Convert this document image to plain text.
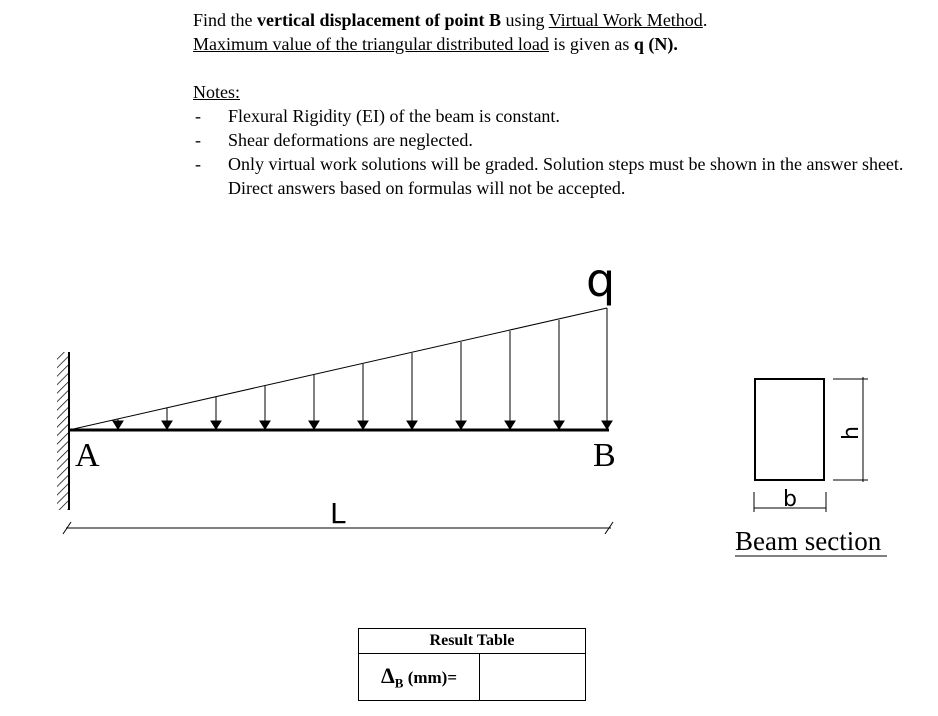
Find the vertical displacement of point B using Virtual Work Method.

Maximum value of the triangular distributed load is given as q (N).

Notes:

- Flexural Rigidity (EI) of the beam is constant.
- Shear deformations are neglected.
- Only virtual work solutions will be graded. Solution steps must be shown in the answer sheet. Direct answers based on formulas will not be accepted.
q
A	B
L	b
h
Beam section
Result Table
$\Delta_B$ (mm)=	
